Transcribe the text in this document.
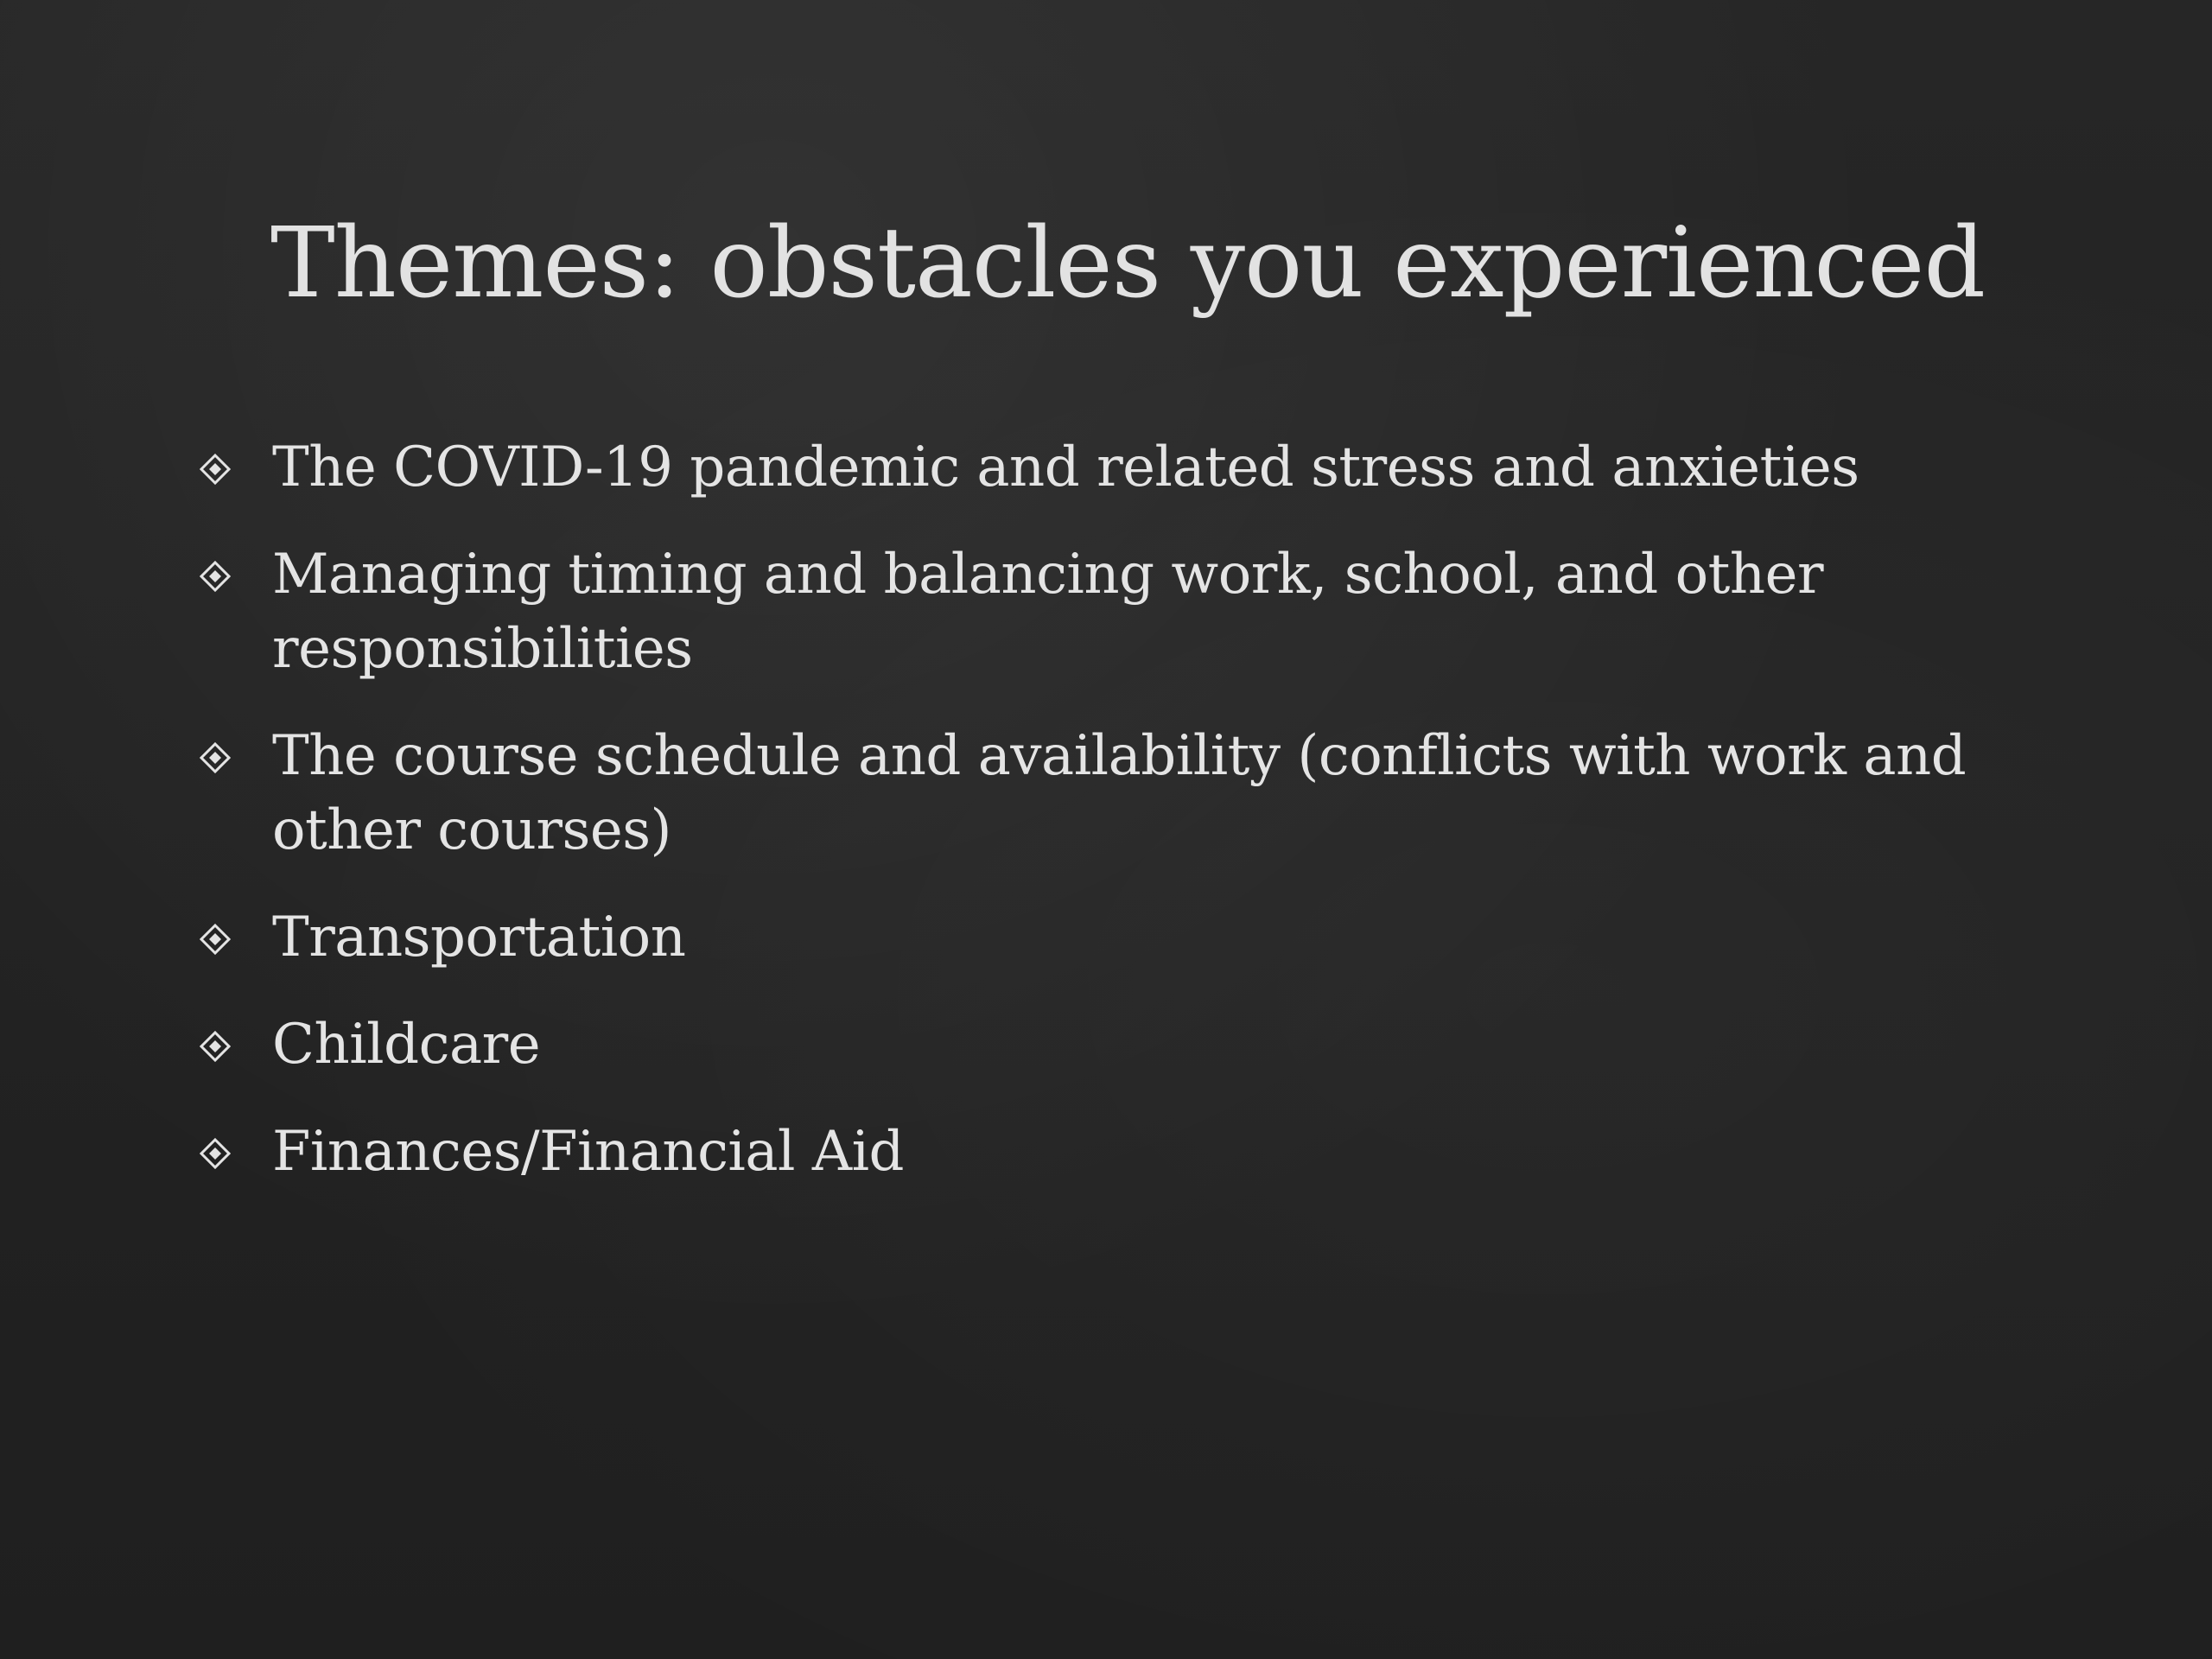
Themes: obstacles you experienced
The COVID-19 pandemic and related stress and anxieties
Managing timing and balancing work, school, and other responsibilities
The course schedule and availability (conflicts with work and other courses)
Transportation
Childcare
Finances/Financial Aid
